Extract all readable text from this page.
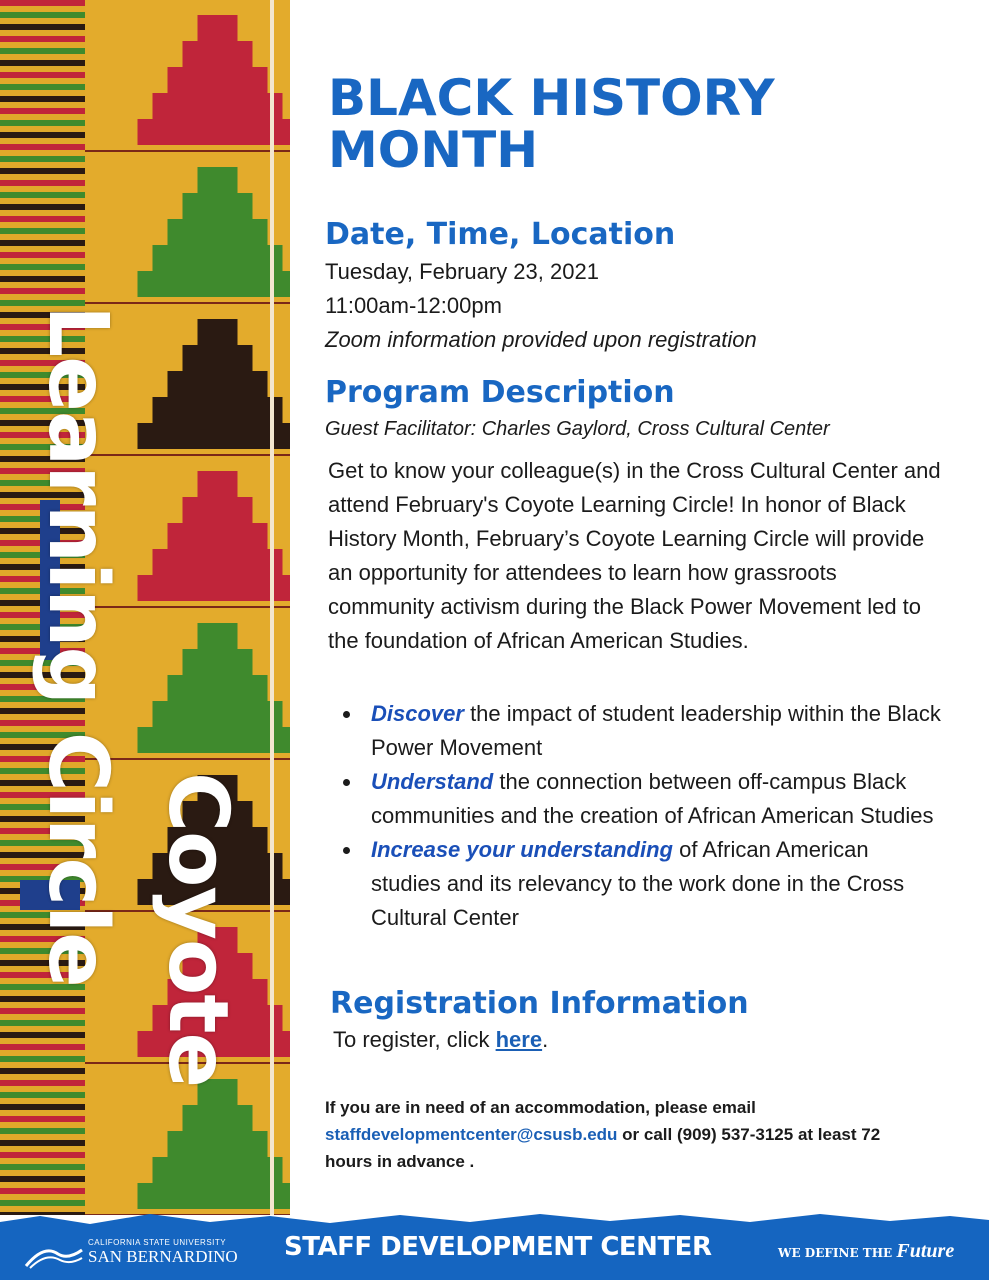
Learning Circle Coyote
BLACK HISTORY MONTH
Date, Time, Location
Tuesday, February 23, 2021
11:00am-12:00pm
Zoom information provided upon registration
Program Description
Guest Facilitator: Charles Gaylord, Cross Cultural Center

Get to know your colleague(s) in the Cross Cultural Center and attend February's Coyote Learning Circle! In honor of Black History Month, February’s Coyote Learning Circle will provide an opportunity for attendees to learn how grassroots community activism during the Black Power Movement led to the foundation of African American Studies.

Discover the impact of student leadership within the Black Power Movement
Understand the connection between off-campus Black communities and the creation of African American Studies
Increase your understanding of African American studies and its relevancy to the work done in the Cross Cultural Center
Registration Information
To register, click here.

If you are in need of an accommodation, please email staffdevelopmentcenter@csusb.edu or call (909) 537-3125 at least 72 hours in advance .

CALIFORNIA STATE UNIVERSITY
SAN BERNARDINO STAFF DEVELOPMENT CENTER	WE DEFINE THE Future
